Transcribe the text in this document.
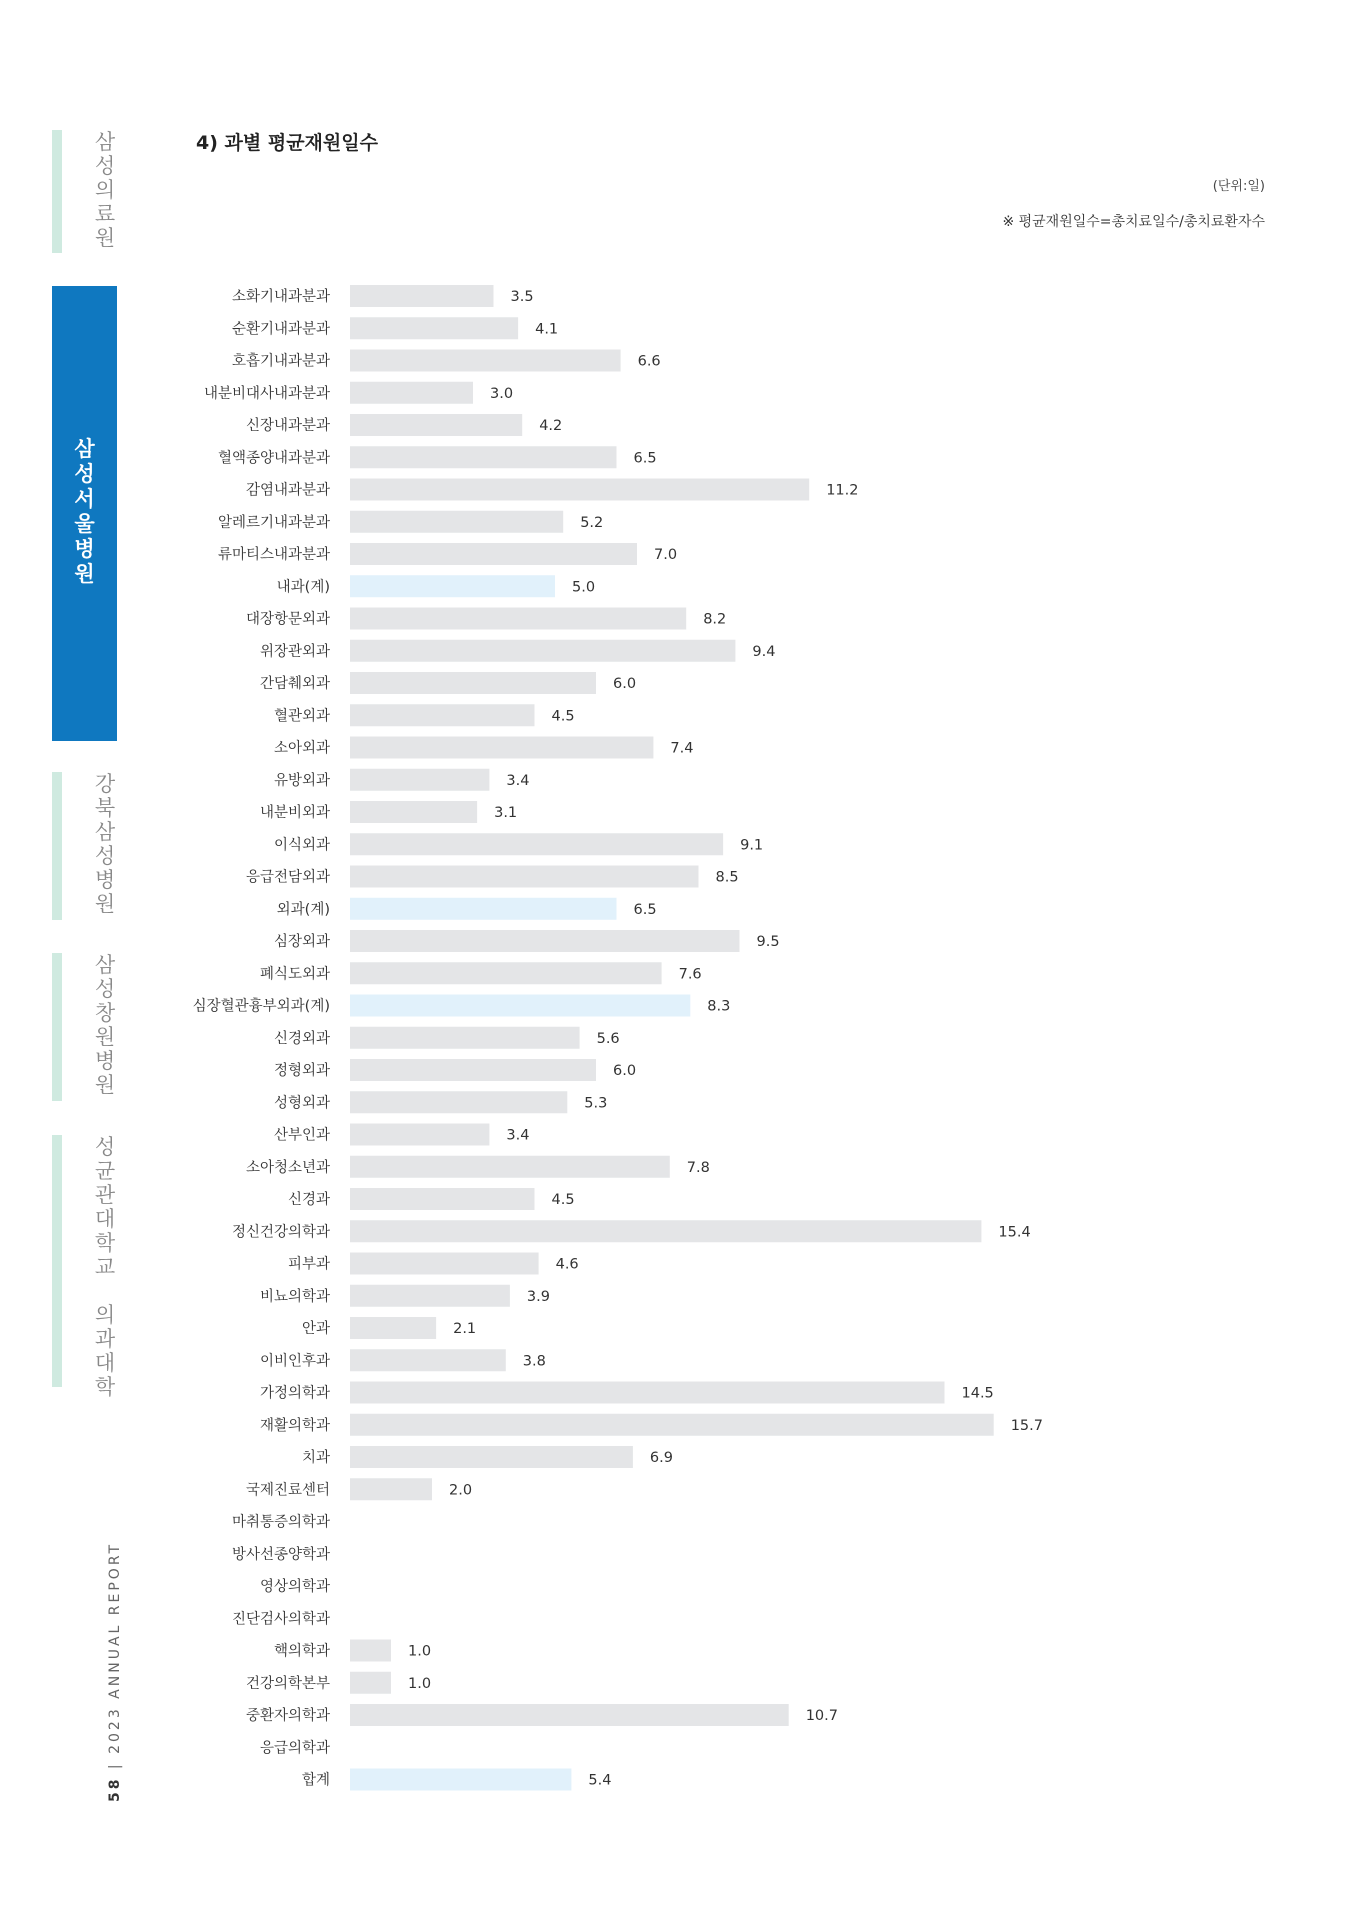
삼
성
의
료
원
삼
성
서
울
병
원
강
북
삼
성
병
원
삼
성
창
원
병
원
성
균
관
대
학
교

의
과
대
학
58 | 2023 ANNUAL REPORT
4) 과별 평균재원일수
(단위:일)
※ 평균재원일수=총치료일수/총치료환자수
소화기내과분과	3.5
순환기내과분과	4.1
호흡기내과분과	6.6
내분비대사내과분과	3.0
신장내과분과	4.2
혈액종양내과분과	6.5
감염내과분과	11.2
알레르기내과분과	5.2
류마티스내과분과	7.0
내과(계)	5.0
대장항문외과	8.2
위장관외과	9.4
간담췌외과	6.0
혈관외과	4.5
소아외과	7.4
유방외과	3.4
내분비외과	3.1
이식외과	9.1
응급전담외과	8.5
외과(계)	6.5
심장외과	9.5
폐식도외과	7.6
심장혈관흉부외과(계)	8.3
신경외과	5.6
정형외과	6.0
성형외과	5.3
산부인과	3.4
소아청소년과	7.8
신경과	4.5
정신건강의학과	15.4
피부과	4.6
비뇨의학과	3.9
안과	2.1
이비인후과	3.8
가정의학과	14.5
재활의학과	15.7
치과	6.9
국제진료센터	2.0
마취통증의학과
방사선종양학과
영상의학과
진단검사의학과
핵의학과	1.0
건강의학본부	1.0
중환자의학과	10.7
응급의학과
합계	5.4
